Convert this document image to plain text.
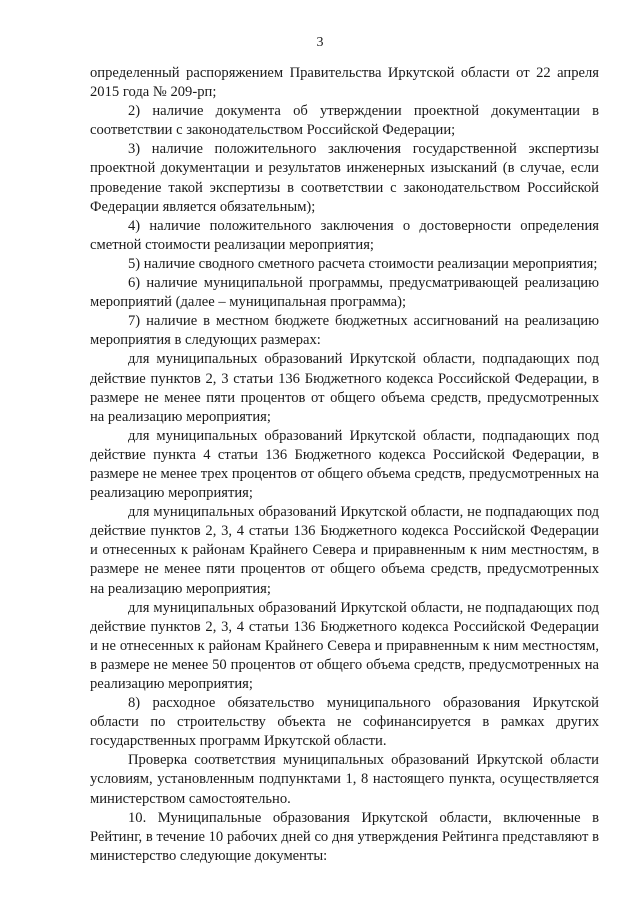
3

определенный распоряжением Правительства Иркутской области от 22 апреля 2015 года № 209-рп;

2) наличие документа об утверждении проектной документации в соответствии с законодательством Российской Федерации;

3) наличие положительного заключения государственной экспертизы проектной документации и результатов инженерных изысканий (в случае, если проведение такой экспертизы в соответствии с законодательством Российской Федерации является обязательным);

4) наличие положительного заключения о достоверности определения сметной стоимости реализации мероприятия;

5) наличие сводного сметного расчета стоимости реализации мероприятия;

6) наличие муниципальной программы, предусматривающей реализацию мероприятий (далее – муниципальная программа);

7) наличие в местном бюджете бюджетных ассигнований на реализацию мероприятия в следующих размерах:

для муниципальных образований Иркутской области, подпадающих под действие пунктов 2, 3 статьи 136 Бюджетного кодекса Российской Федерации, в размере не менее пяти процентов от общего объема средств, предусмотренных на реализацию мероприятия;

для муниципальных образований Иркутской области, подпадающих под действие пункта 4 статьи 136 Бюджетного кодекса Российской Федерации, в размере не менее трех процентов от общего объема средств, предусмотренных на реализацию мероприятия;

для муниципальных образований Иркутской области, не подпадающих под действие пунктов 2, 3, 4 статьи 136 Бюджетного кодекса Российской Федерации и отнесенных к районам Крайнего Севера и приравненным к ним местностям, в размере не менее пяти процентов от общего объема средств, предусмотренных на реализацию мероприятия;

для муниципальных образований Иркутской области, не подпадающих под действие пунктов 2, 3, 4 статьи 136 Бюджетного кодекса Российской Федерации и не отнесенных к районам Крайнего Севера и приравненным к ним местностям, в размере не менее 50 процентов от общего объема средств, предусмотренных на реализацию мероприятия;

8) расходное обязательство муниципального образования Иркутской области по строительству объекта не софинансируется в рамках других государственных программ Иркутской области.

Проверка соответствия муниципальных образований Иркутской области условиям, установленным подпунктами 1, 8 настоящего пункта, осуществляется министерством самостоятельно.

10. Муниципальные образования Иркутской области, включенные в Рейтинг, в течение 10 рабочих дней со дня утверждения Рейтинга представляют в министерство следующие документы:
